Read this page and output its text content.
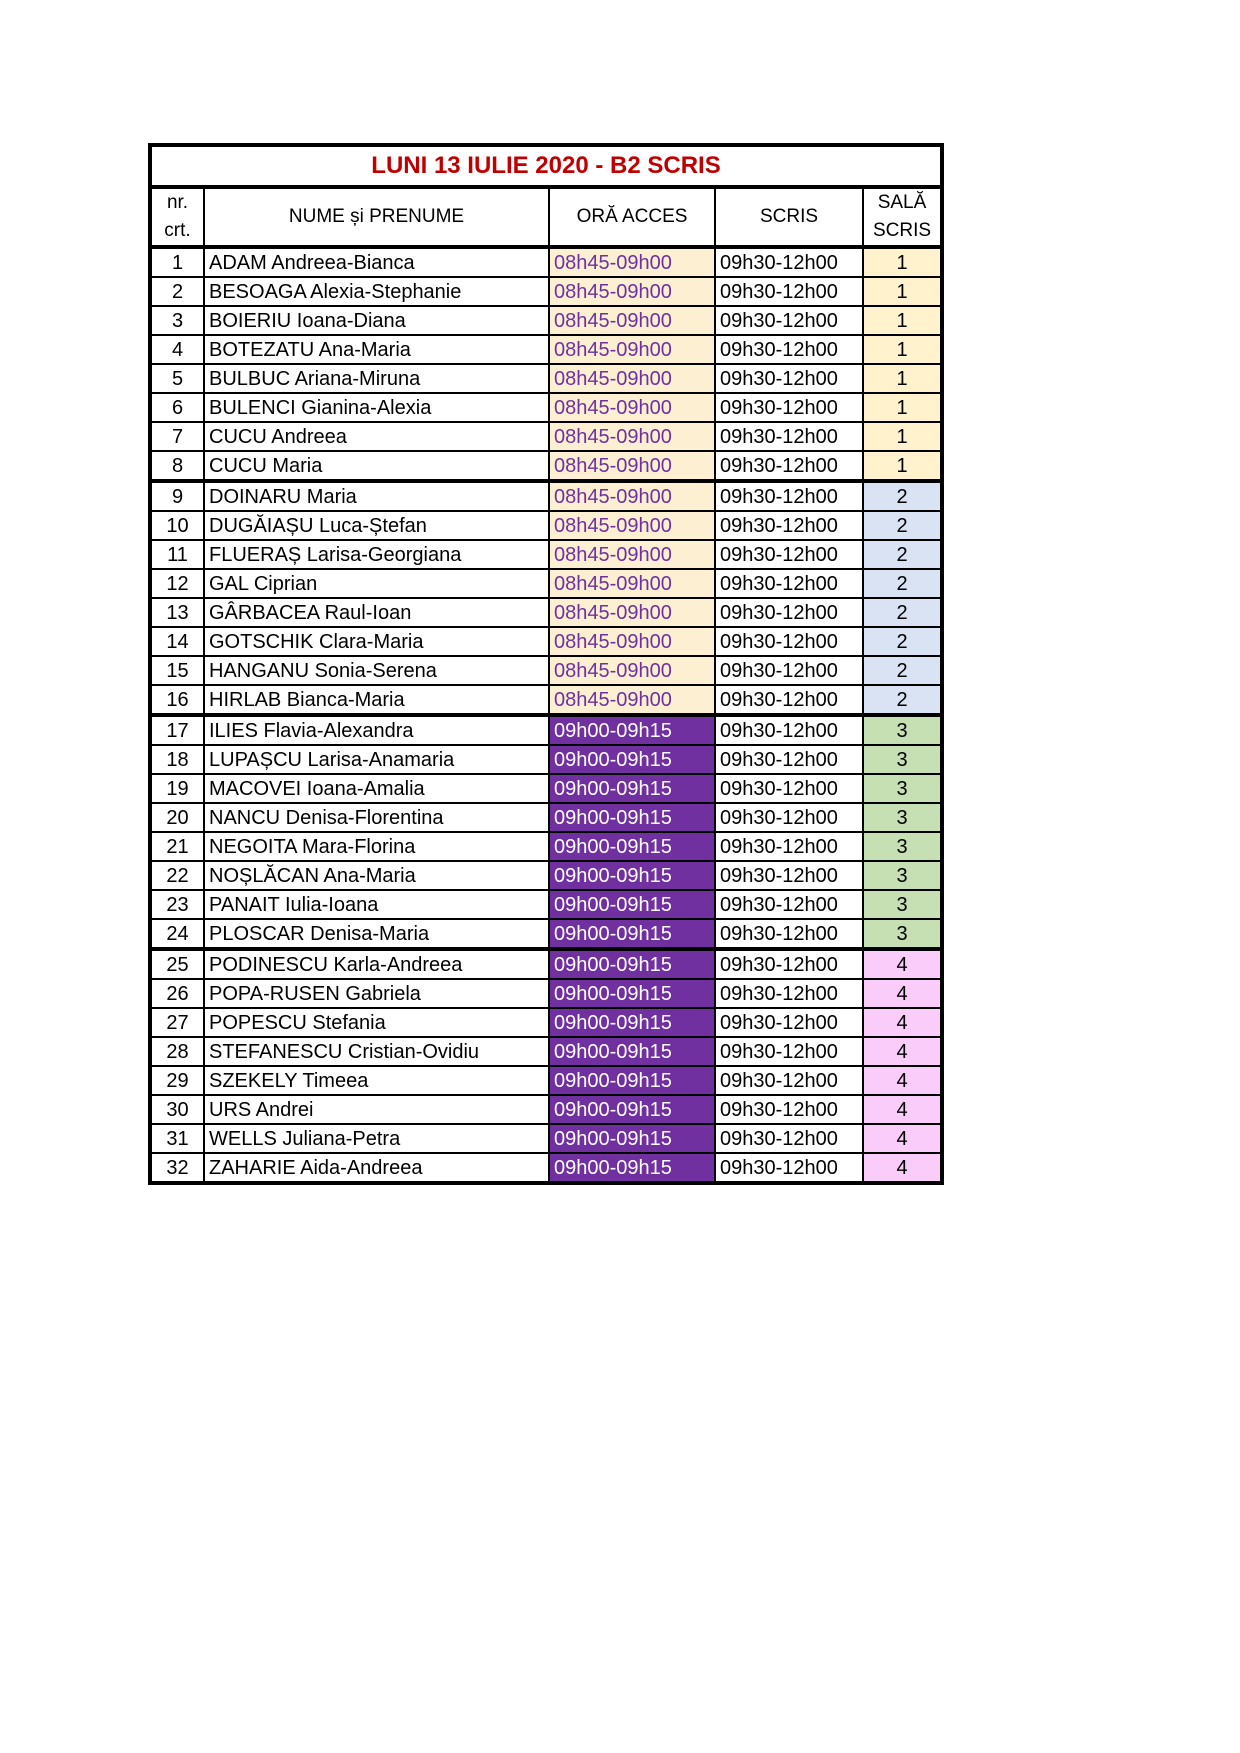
LUNI 13 IULIE 2020 - B2 SCRIS				
nr.
crt.	NUME și PRENUME	ORĂ ACCES	SCRIS	SALĂ
SCRIS
1	ADAM Andreea-Bianca	08h45-09h00	09h30-12h00	1
2	BESOAGA Alexia-Stephanie	08h45-09h00	09h30-12h00	1
3	BOIERIU Ioana-Diana	08h45-09h00	09h30-12h00	1
4	BOTEZATU Ana-Maria	08h45-09h00	09h30-12h00	1
5	BULBUC Ariana-Miruna	08h45-09h00	09h30-12h00	1
6	BULENCI Gianina-Alexia	08h45-09h00	09h30-12h00	1
7	CUCU Andreea	08h45-09h00	09h30-12h00	1
8	CUCU Maria	08h45-09h00	09h30-12h00	1
9	DOINARU Maria	08h45-09h00	09h30-12h00	2
10	DUGĂIAȘU Luca-Ștefan	08h45-09h00	09h30-12h00	2
11	FLUERAȘ Larisa-Georgiana	08h45-09h00	09h30-12h00	2
12	GAL Ciprian	08h45-09h00	09h30-12h00	2
13	GÂRBACEA Raul-Ioan	08h45-09h00	09h30-12h00	2
14	GOTSCHIK Clara-Maria	08h45-09h00	09h30-12h00	2
15	HANGANU Sonia-Serena	08h45-09h00	09h30-12h00	2
16	HIRLAB Bianca-Maria	08h45-09h00	09h30-12h00	2
17	ILIES Flavia-Alexandra	09h00-09h15	09h30-12h00	3
18	LUPAȘCU Larisa-Anamaria	09h00-09h15	09h30-12h00	3
19	MACOVEI Ioana-Amalia	09h00-09h15	09h30-12h00	3
20	NANCU Denisa-Florentina	09h00-09h15	09h30-12h00	3
21	NEGOITA Mara-Florina	09h00-09h15	09h30-12h00	3
22	NOȘLĂCAN Ana-Maria	09h00-09h15	09h30-12h00	3
23	PANAIT Iulia-Ioana	09h00-09h15	09h30-12h00	3
24	PLOSCAR Denisa-Maria	09h00-09h15	09h30-12h00	3
25	PODINESCU Karla-Andreea	09h00-09h15	09h30-12h00	4
26	POPA-RUSEN Gabriela	09h00-09h15	09h30-12h00	4
27	POPESCU Stefania	09h00-09h15	09h30-12h00	4
28	STEFANESCU Cristian-Ovidiu	09h00-09h15	09h30-12h00	4
29	SZEKELY Timeea	09h00-09h15	09h30-12h00	4
30	URS Andrei	09h00-09h15	09h30-12h00	4
31	WELLS Juliana-Petra	09h00-09h15	09h30-12h00	4
32	ZAHARIE Aida-Andreea	09h00-09h15	09h30-12h00	4
